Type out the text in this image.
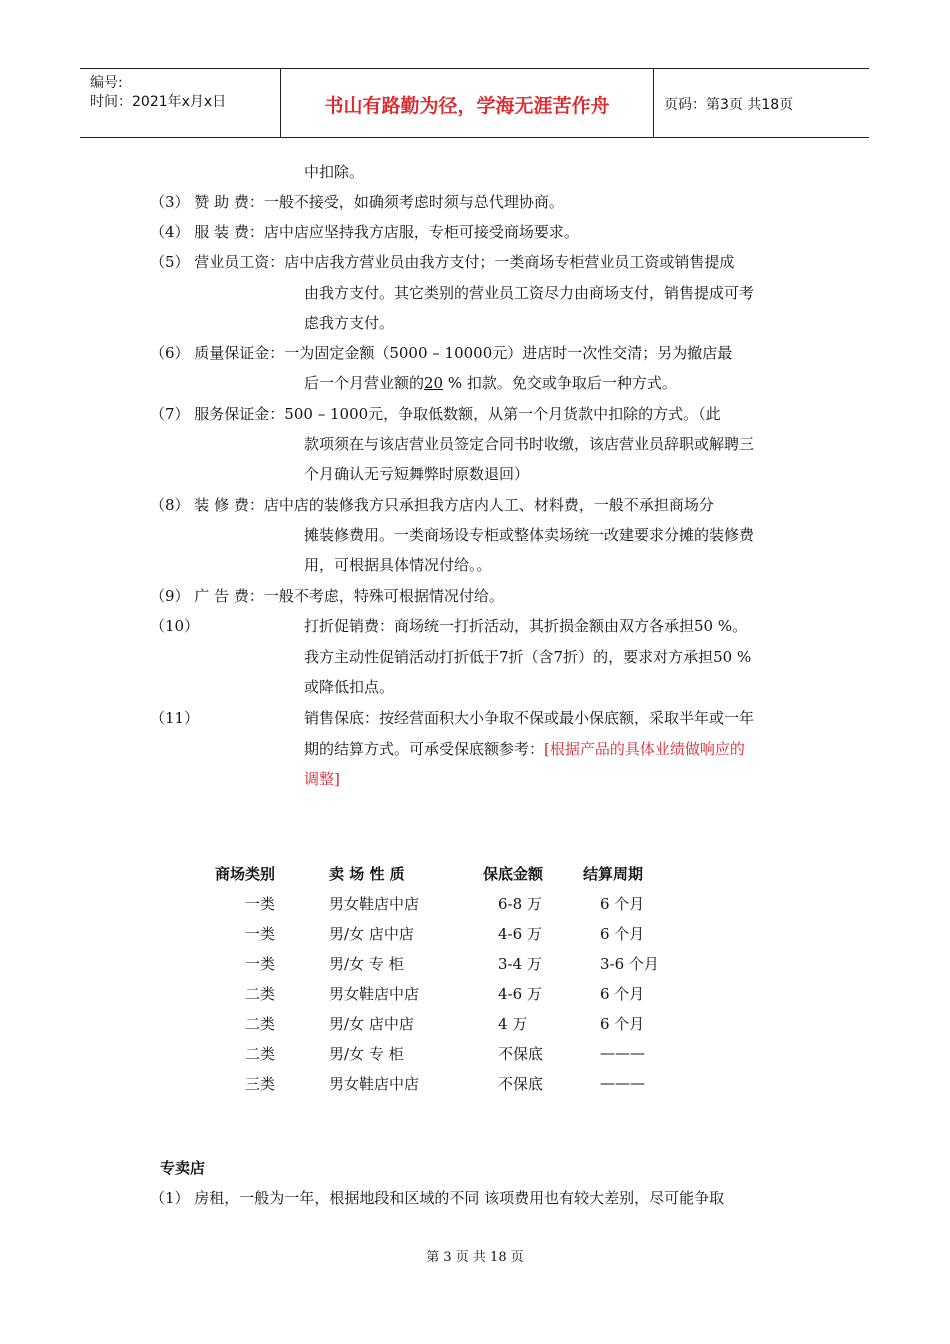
编号:
时间：2021年x月x日	书山有路勤为径，学海无涯苦作舟	页码：第3页 共18页
中扣除。
（3） 赞 助 费：一般不接受，如确须考虑时须与总代理协商。
（4） 服 装 费：店中店应坚持我方店服，专柜可接受商场要求。
（5） 营业员工资：店中店我方营业员由我方支付；一类商场专柜营业员工资或销售提成
由我方支付。其它类别的营业员工资尽力由商场支付，销售提成可考
虑我方支付。
（6） 质量保证金：一为固定金额（5000 – 10000元）进店时一次性交清；另为撤店最
后一个月营业额的20 % 扣款。免交或争取后一种方式。
（7） 服务保证金：500 – 1000元，争取低数额，从第一个月货款中扣除的方式。（此
款项须在与该店营业员签定合同书时收缴，该店营业员辞职或解聘三
个月确认无亏短舞弊时原数退回）
（8） 装 修 费：店中店的装修我方只承担我方店内人工、材料费，一般不承担商场分
摊装修费用。一类商场设专柜或整体卖场统一改建要求分摊的装修费
用，可根据具体情况付给。。
（9） 广 告 费：一般不考虑，特殊可根据情况付给。
（10）	打折促销费：商场统一打折活动，其折损金额由双方各承担50 %。
我方主动性促销活动打折低于7折（含7折）的，要求对方承担50 %
或降低扣点。
（11）	销售保底：按经营面积大小争取不保或最小保底额，采取半年或一年
期的结算方式。可承受保底额参考：[根据产品的具体业绩做响应的
调整]
商场类别	卖 场 性 质	保底金额	结算周期
一类	男女鞋店中店	6-8 万	6 个月
一类	男/女 店中店	4-6 万	6 个月
一类	男/女 专 柜	3-4 万	3-6 个月
二类	男女鞋店中店	4-6 万	6 个月
二类	男/女 店中店	4 万	6 个月
二类	男/女 专 柜	不保底	———
三类	男女鞋店中店	不保底	———
专卖店
（1） 房租，一般为一年，根据地段和区域的不同 该项费用也有较大差别，尽可能争取
第 3 页 共 18 页
